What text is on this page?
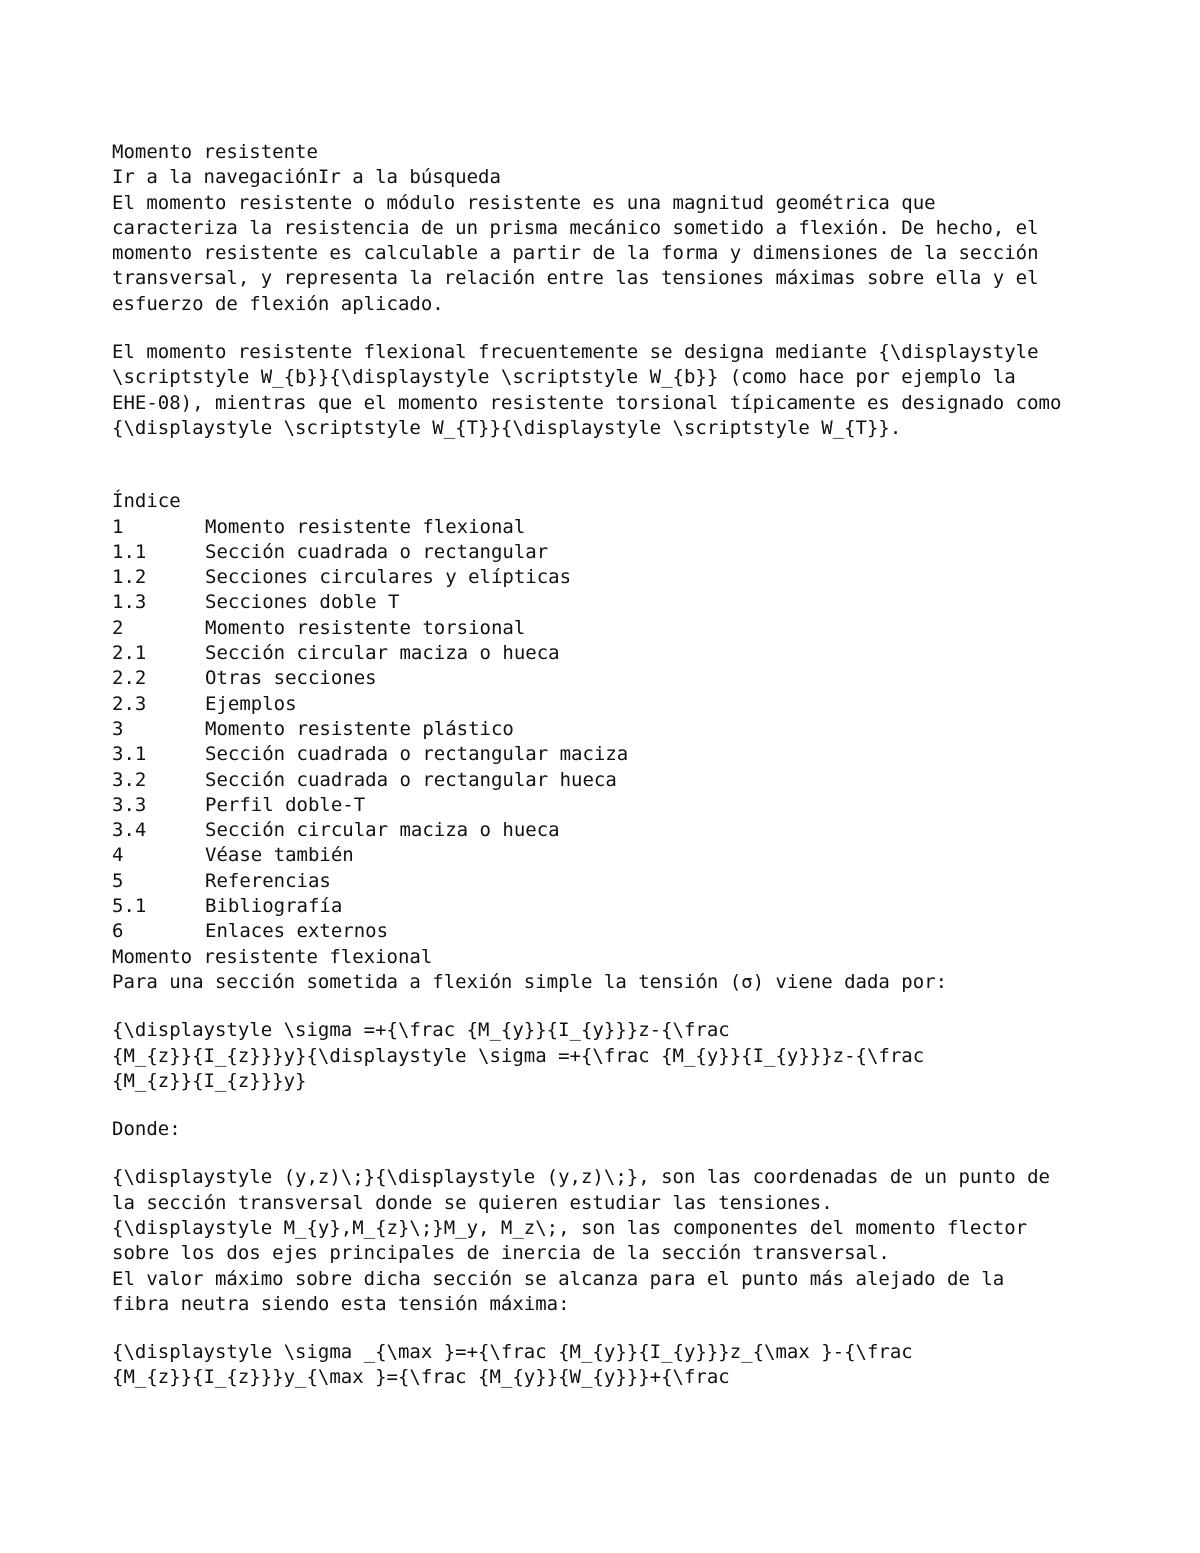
Momento resistente
Ir a la navegaciónIr a la búsqueda
El momento resistente o módulo resistente es una magnitud geométrica que
caracteriza la resistencia de un prisma mecánico sometido a flexión. De hecho, el
momento resistente es calculable a partir de la forma y dimensiones de la sección
transversal, y representa la relación entre las tensiones máximas sobre ella y el
esfuerzo de flexión aplicado.
El momento resistente flexional frecuentemente se designa mediante {\displaystyle
\scriptstyle W_{b}}{\displaystyle \scriptstyle W_{b}} (como hace por ejemplo la
EHE-08), mientras que el momento resistente torsional típicamente es designado como
{\displaystyle \scriptstyle W_{T}}{\displaystyle \scriptstyle W_{T}}.
Índice
1	Momento resistente flexional
1.1	Sección cuadrada o rectangular
1.2	Secciones circulares y elípticas
1.3	Secciones doble T
2	Momento resistente torsional
2.1	Sección circular maciza o hueca
2.2	Otras secciones
2.3	Ejemplos
3	Momento resistente plástico
3.1	Sección cuadrada o rectangular maciza
3.2	Sección cuadrada o rectangular hueca
3.3	Perfil doble-T
3.4	Sección circular maciza o hueca
4	Véase también
5	Referencias
5.1	Bibliografía
6	Enlaces externos
Momento resistente flexional
Para una sección sometida a flexión simple la tensión (σ) viene dada por:
{\displaystyle \sigma =+{\frac {M_{y}}{I_{y}}}z-{\frac
{M_{z}}{I_{z}}}y}{\displaystyle \sigma =+{\frac {M_{y}}{I_{y}}}z-{\frac
{M_{z}}{I_{z}}}y}
Donde:
{\displaystyle (y,z)\;}{\displaystyle (y,z)\;}, son las coordenadas de un punto de
la sección transversal donde se quieren estudiar las tensiones.
{\displaystyle M_{y},M_{z}\;}M_y, M_z\;, son las componentes del momento flector
sobre los dos ejes principales de inercia de la sección transversal.
El valor máximo sobre dicha sección se alcanza para el punto más alejado de la
fibra neutra siendo esta tensión máxima:
{\displaystyle \sigma _{\max }=+{\frac {M_{y}}{I_{y}}}z_{\max }-{\frac
{M_{z}}{I_{z}}}y_{\max }={\frac {M_{y}}{W_{y}}}+{\frac
